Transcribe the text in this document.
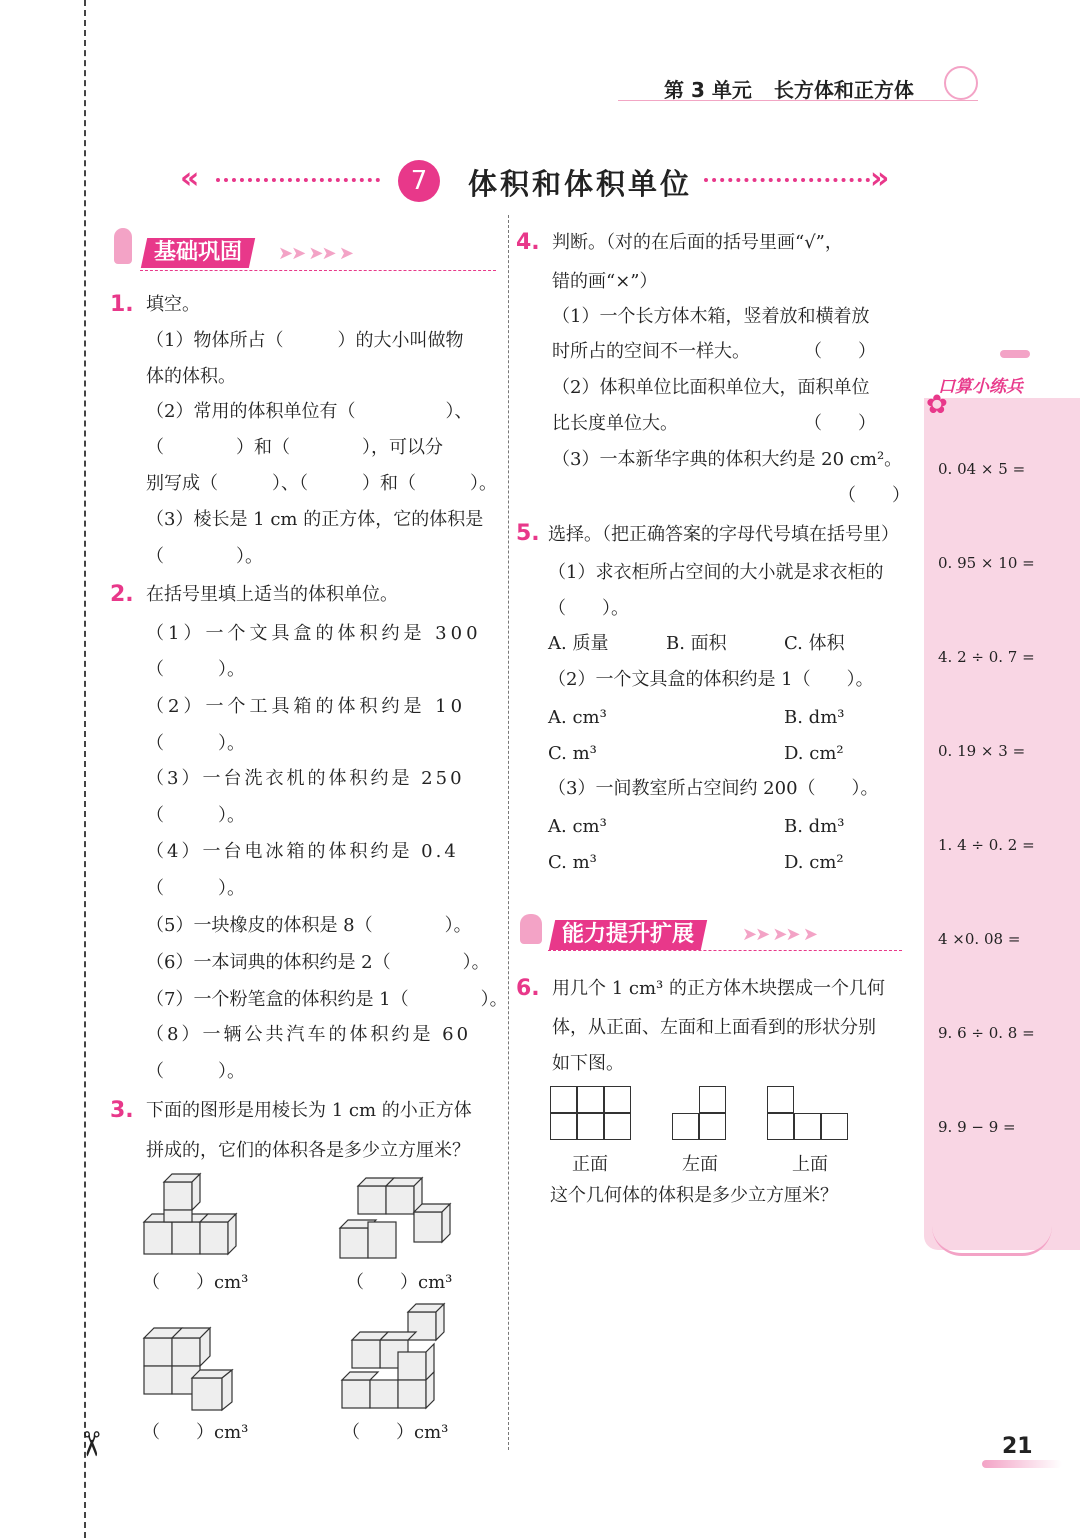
✂
第 3 单元 长方体和正方体
«	7	体积和体积单位	»
基础巩固	➤➤ ➤➤ ➤
1. 填空。
（1）物体所占（　　　）的大小叫做物
体的体积。
（2）常用的体积单位有（　　　　　）、
（　　　　）和（　　　　），可以分
别写成（　　　）、（　　　）和（　　　）。
（3）棱长是 1 cm 的正方体，它的体积是
（　　　　）。
2. 在括号里填上适当的体积单位。
（1）一个文具盒的体积约是 300
（　　　）。
（2）一个工具箱的体积约是 10
（　　　）。
（3）一台洗衣机的体积约是 250
（　　　）。
（4）一台电冰箱的体积约是 0.4
（　　　）。
（5）一块橡皮的体积是 8（　　　　）。
（6）一本词典的体积约是 2（　　　　）。
（7）一个粉笔盒的体积约是 1（　　　　）。
（8）一辆公共汽车的体积约是 60
（　　　）。
3. 下面的图形是用棱长为 1 cm 的小正方体
拼成的，它们的体积各是多少立方厘米？
（　　）cm³	（　　）cm³
（　　）cm³	（　　）cm³
4. 判断。（对的在后面的括号里画“√”，
错的画“×”）
（1）一个长方体木箱，竖着放和横着放
时所占的空间不一样大。　　　　（　　）
（2）体积单位比面积单位大，面积单位
比长度单位大。　　　　　　　　（　　）
（3）一本新华字典的体积大约是 20 cm²。
（　　）
5. 选择。（把正确答案的字母代号填在括号里）
（1）求衣柜所占空间的大小就是求衣柜的
（　　）。
A. 质量	B. 面积	C. 体积
（2）一个文具盒的体积约是 1（　　）。
A. cm³	B. dm³
C. m³	D. cm²
（3）一间教室所占空间约 200（　　）。
A. cm³	B. dm³
C. m³	D. cm²
能力提升扩展	➤➤ ➤➤ ➤
6. 用几个 1 cm³ 的正方体木块摆成一个几何
体，从正面、左面和上面看到的形状分别
如下图。
正面	左面	上面
这个几何体的体积是多少立方厘米？
✿
口算小练兵
0. 04 × 5 =
0. 95 × 10 =
4. 2 ÷ 0. 7 =
0. 19 × 3 =
1. 4 ÷ 0. 2 =
4 ×0. 08 =
9. 6 ÷ 0. 8 =
9. 9 − 9 =
21
